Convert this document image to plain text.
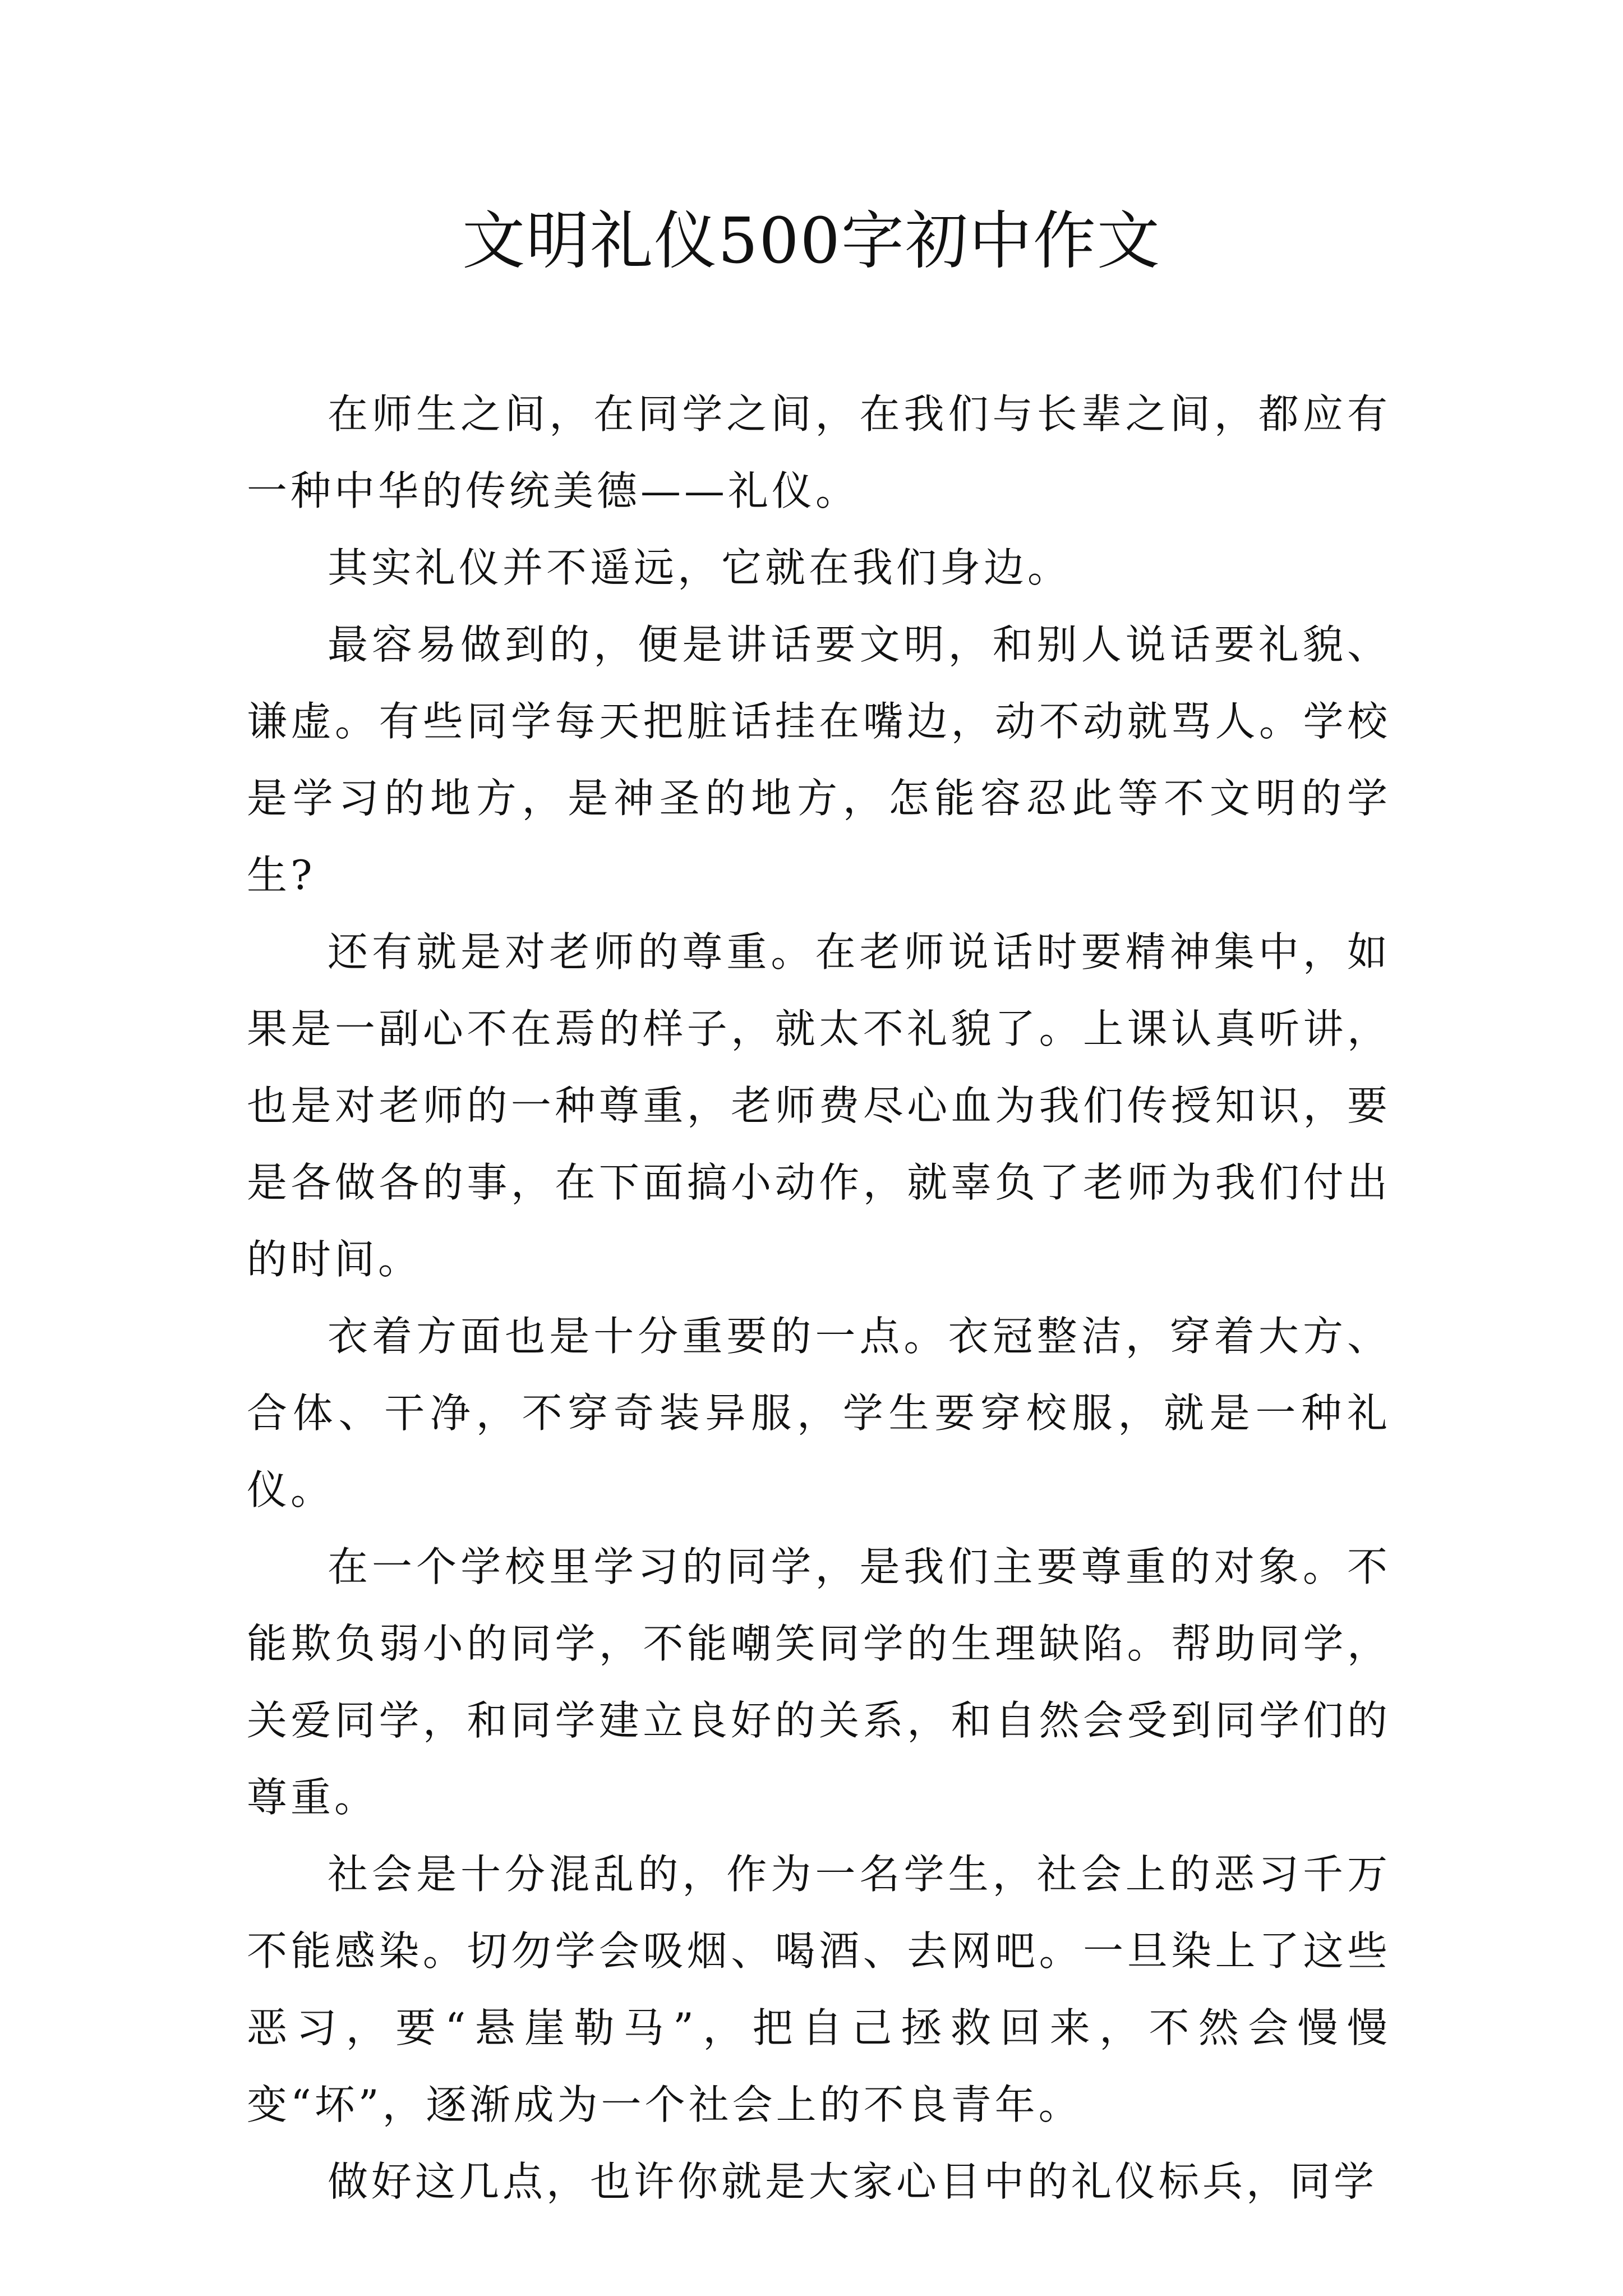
文明礼仪500字初中作文

在师生之间，在同学之间，在我们与长辈之间，都应有一种中华的传统美德——礼仪。

其实礼仪并不遥远，它就在我们身边。

最容易做到的，便是讲话要文明，和别人说话要礼貌、谦虚。有些同学每天把脏话挂在嘴边，动不动就骂人。学校是学习的地方，是神圣的地方，怎能容忍此等不文明的学生?

还有就是对老师的尊重。在老师说话时要精神集中，如果是一副心不在焉的样子，就太不礼貌了。上课认真听讲，也是对老师的一种尊重，老师费尽心血为我们传授知识，要是各做各的事，在下面搞小动作，就辜负了老师为我们付出的时间。

衣着方面也是十分重要的一点。衣冠整洁，穿着大方、合体、干净，不穿奇装异服，学生要穿校服，就是一种礼仪。

在一个学校里学习的同学，是我们主要尊重的对象。不能欺负弱小的同学，不能嘲笑同学的生理缺陷。帮助同学，关爱同学，和同学建立良好的关系，和自然会受到同学们的尊重。

社会是十分混乱的，作为一名学生，社会上的恶习千万不能感染。切勿学会吸烟、喝酒、去网吧。一旦染上了这些恶习，要“悬崖勒马”，把自己拯救回来，不然会慢慢变“坏”，逐渐成为一个社会上的不良青年。

做好这几点，也许你就是大家心目中的礼仪标兵，同学
